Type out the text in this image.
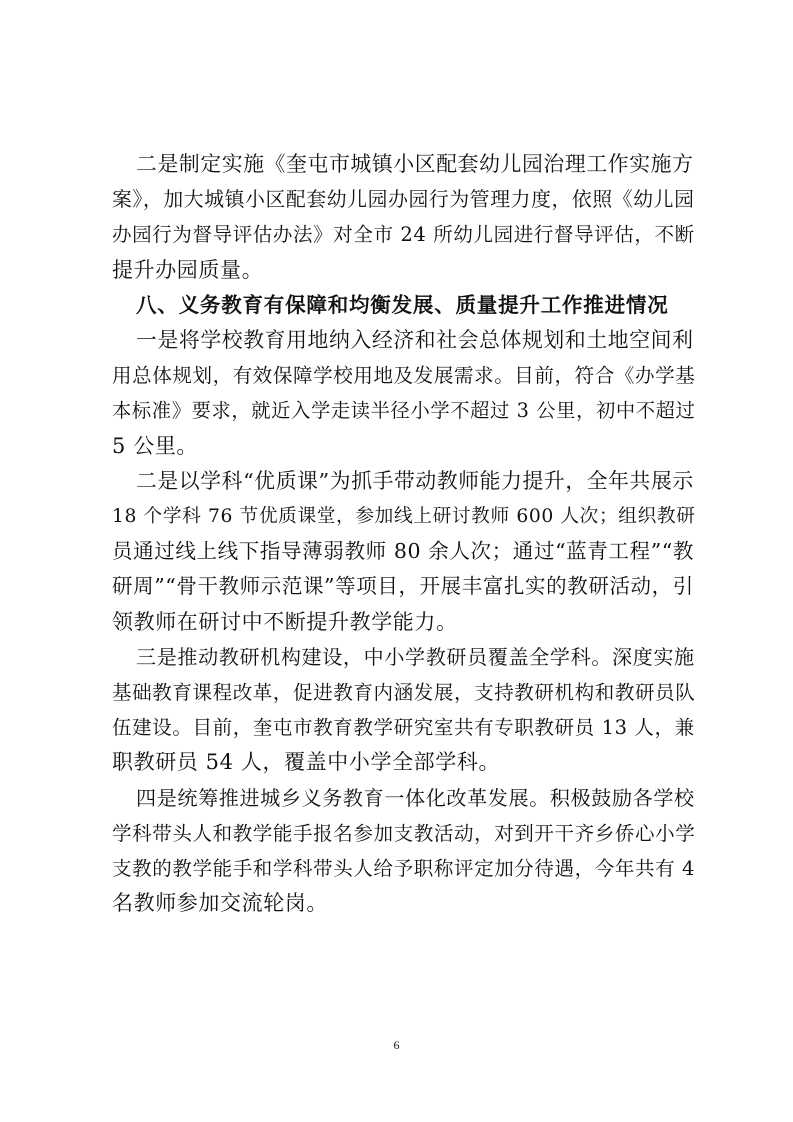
二是制定实施《奎屯市城镇小区配套幼儿园治理工作实施方
案》，加大城镇小区配套幼儿园办园行为管理力度，依照《幼儿园
办园行为督导评估办法》对全市 24 所幼儿园进行督导评估，不断
提升办园质量。

八、义务教育有保障和均衡发展、质量提升工作推进情况

一是将学校教育用地纳入经济和社会总体规划和土地空间利
用总体规划，有效保障学校用地及发展需求。目前，符合《办学基
本标准》要求，就近入学走读半径小学不超过 3 公里，初中不超过
5 公里。

二是以学科“优质课”为抓手带动教师能力提升，全年共展示
18 个学科 76 节优质课堂，参加线上研讨教师 600 人次；组织教研
员通过线上线下指导薄弱教师 80 余人次；通过“蓝青工程”“教
研周”“骨干教师示范课”等项目，开展丰富扎实的教研活动，引
领教师在研讨中不断提升教学能力。

三是推动教研机构建设，中小学教研员覆盖全学科。深度实施
基础教育课程改革，促进教育内涵发展，支持教研机构和教研员队
伍建设。目前，奎屯市教育教学研究室共有专职教研员 13 人，兼
职教研员 54 人，覆盖中小学全部学科。

四是统筹推进城乡义务教育一体化改革发展。积极鼓励各学校
学科带头人和教学能手报名参加支教活动，对到开干齐乡侨心小学
支教的教学能手和学科带头人给予职称评定加分待遇，今年共有 4
名教师参加交流轮岗。

6
